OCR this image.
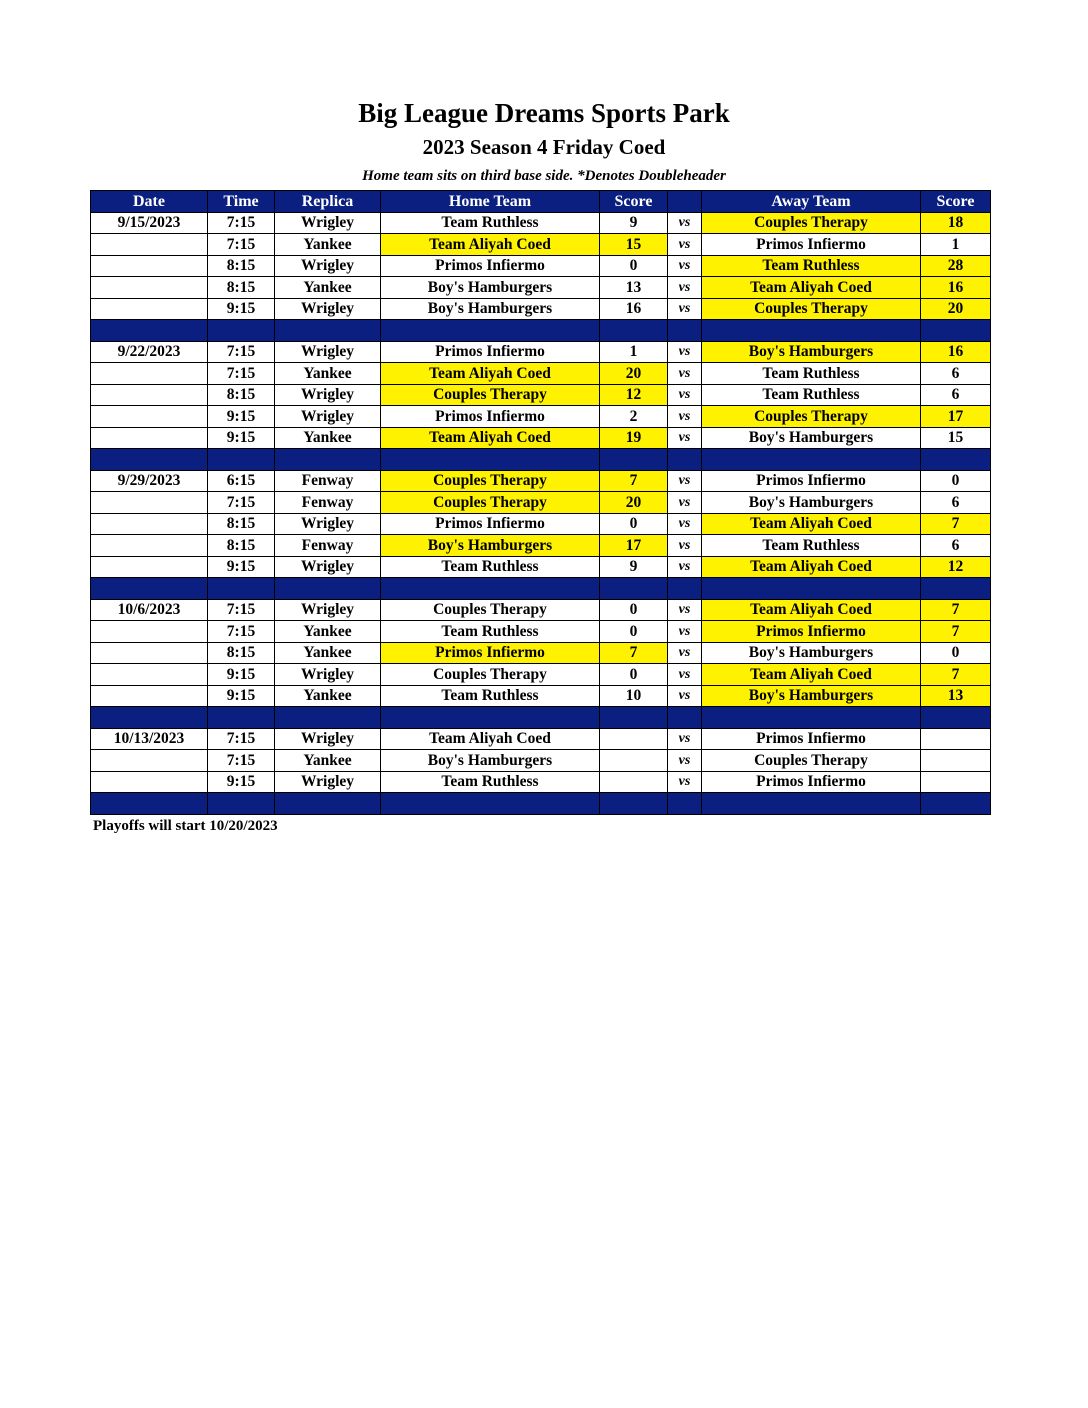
Big League Dreams Sports Park
2023 Season 4 Friday Coed
Home team sits on third base side. *Denotes Doubleheader
Date	Time	Replica	Home Team	Score		Away Team	Score
9/15/2023	7:15	Wrigley	Team Ruthless	9	vs	Couples Therapy	18
	7:15	Yankee	Team Aliyah Coed	15	vs	Primos Infiermo	1
	8:15	Wrigley	Primos Infiermo	0	vs	Team Ruthless	28
	8:15	Yankee	Boy's Hamburgers	13	vs	Team Aliyah Coed	16
	9:15	Wrigley	Boy's Hamburgers	16	vs	Couples Therapy	20

9/22/2023	7:15	Wrigley	Primos Infiermo	1	vs	Boy's Hamburgers	16
	7:15	Yankee	Team Aliyah Coed	20	vs	Team Ruthless	6
	8:15	Wrigley	Couples Therapy	12	vs	Team Ruthless	6
	9:15	Wrigley	Primos Infiermo	2	vs	Couples Therapy	17
	9:15	Yankee	Team Aliyah Coed	19	vs	Boy's Hamburgers	15

9/29/2023	6:15	Fenway	Couples Therapy	7	vs	Primos Infiermo	0
	7:15	Fenway	Couples Therapy	20	vs	Boy's Hamburgers	6
	8:15	Wrigley	Primos Infiermo	0	vs	Team Aliyah Coed	7
	8:15	Fenway	Boy's Hamburgers	17	vs	Team Ruthless	6
	9:15	Wrigley	Team Ruthless	9	vs	Team Aliyah Coed	12

10/6/2023	7:15	Wrigley	Couples Therapy	0	vs	Team Aliyah Coed	7
	7:15	Yankee	Team Ruthless	0	vs	Primos Infiermo	7
	8:15	Yankee	Primos Infiermo	7	vs	Boy's Hamburgers	0
	9:15	Wrigley	Couples Therapy	0	vs	Team Aliyah Coed	7
	9:15	Yankee	Team Ruthless	10	vs	Boy's Hamburgers	13

10/13/2023	7:15	Wrigley	Team Aliyah Coed		vs	Primos Infiermo	
	7:15	Yankee	Boy's Hamburgers		vs	Couples Therapy	
	9:15	Wrigley	Team Ruthless		vs	Primos Infiermo	

Playoffs will start 10/20/2023
